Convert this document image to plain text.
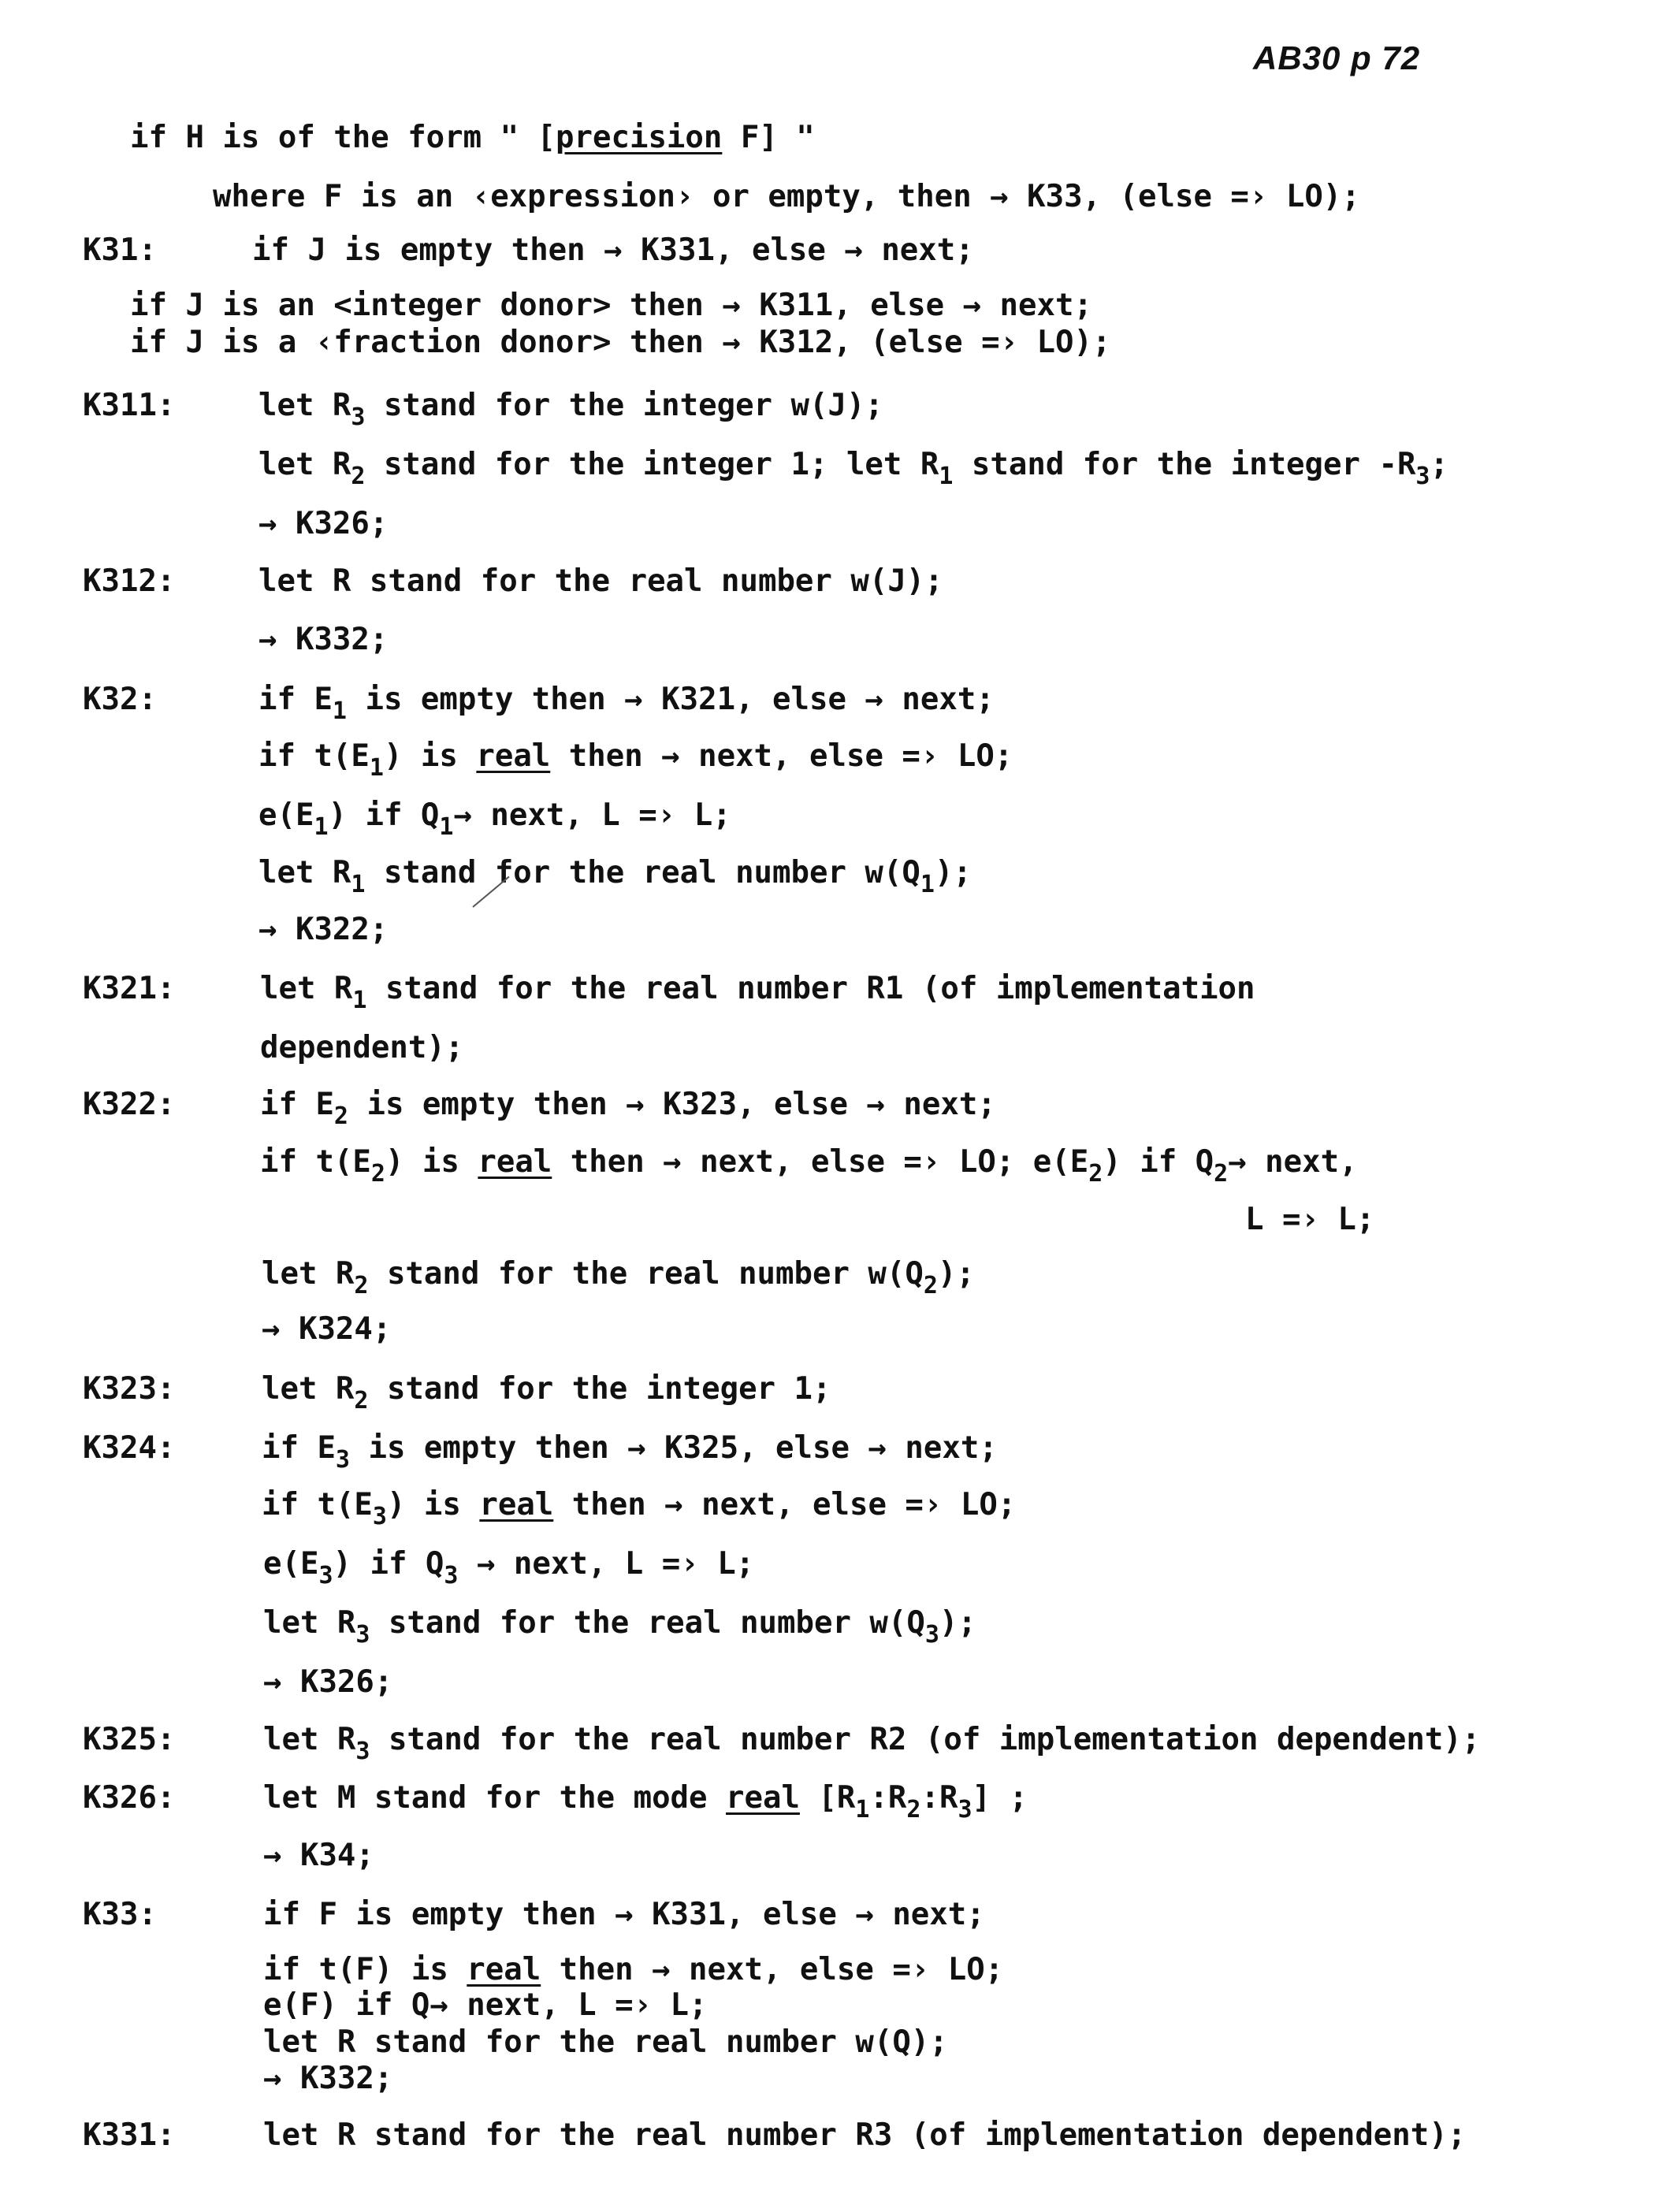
AB30 p 72
if H is of the form " [precision F] "
where F is an ‹expression› or empty, then → K33, (else =› LO);
K31:	if J is empty then → K331, else → next;
if J is an <integer donor> then → K311, else → next;
if J is a ‹fraction donor> then → K312, (else =› LO);
K311:	let $R_3$ stand for the integer w(J);
let $R_2$ stand for the integer 1; let $R_1$ stand for the integer $-R_3$;
→ K326;
K312:	let R stand for the real number w(J);
→ K332;
K32:	if $E_1$ is empty then → K321, else → next;
if $t(E_1)$ is real then → next, else =› LO;
$e(E_1)$ if $Q_1\to$ next, L =› L;
let $R_1$ stand for the real number $w(Q_1)$;
→ K322;
K321:	let $R_1$ stand for the real number R1 (of implementation
dependent);
K322:	if $E_2$ is empty then → K323, else → next;
if $t(E_2)$ is real then → next, else =› LO; $e(E_2)$ if $Q_2\to$ next,
L =› L;
let $R_2$ stand for the real number $w(Q_2)$;
→ K324;
K323:	let $R_2$ stand for the integer 1;
K324:	if $E_3$ is empty then → K325, else → next;
if $t(E_3)$ is real then → next, else =› LO;
$e(E_3)$ if $Q_3$ → next, L =› L;
let $R_3$ stand for the real number $w(Q_3)$;
→ K326;
K325:	let $R_3$ stand for the real number R2 (of implementation dependent);
K326:	let M stand for the mode real $[R_1:R_2:R_3]$ ;
→ K34;
K33:	if F is empty then → K331, else → next;
if t(F) is real then → next, else =› LO;
e(F) if Q→ next, L =› L;
let R stand for the real number w(Q);
→ K332;
K331:	let R stand for the real number R3 (of implementation dependent);
